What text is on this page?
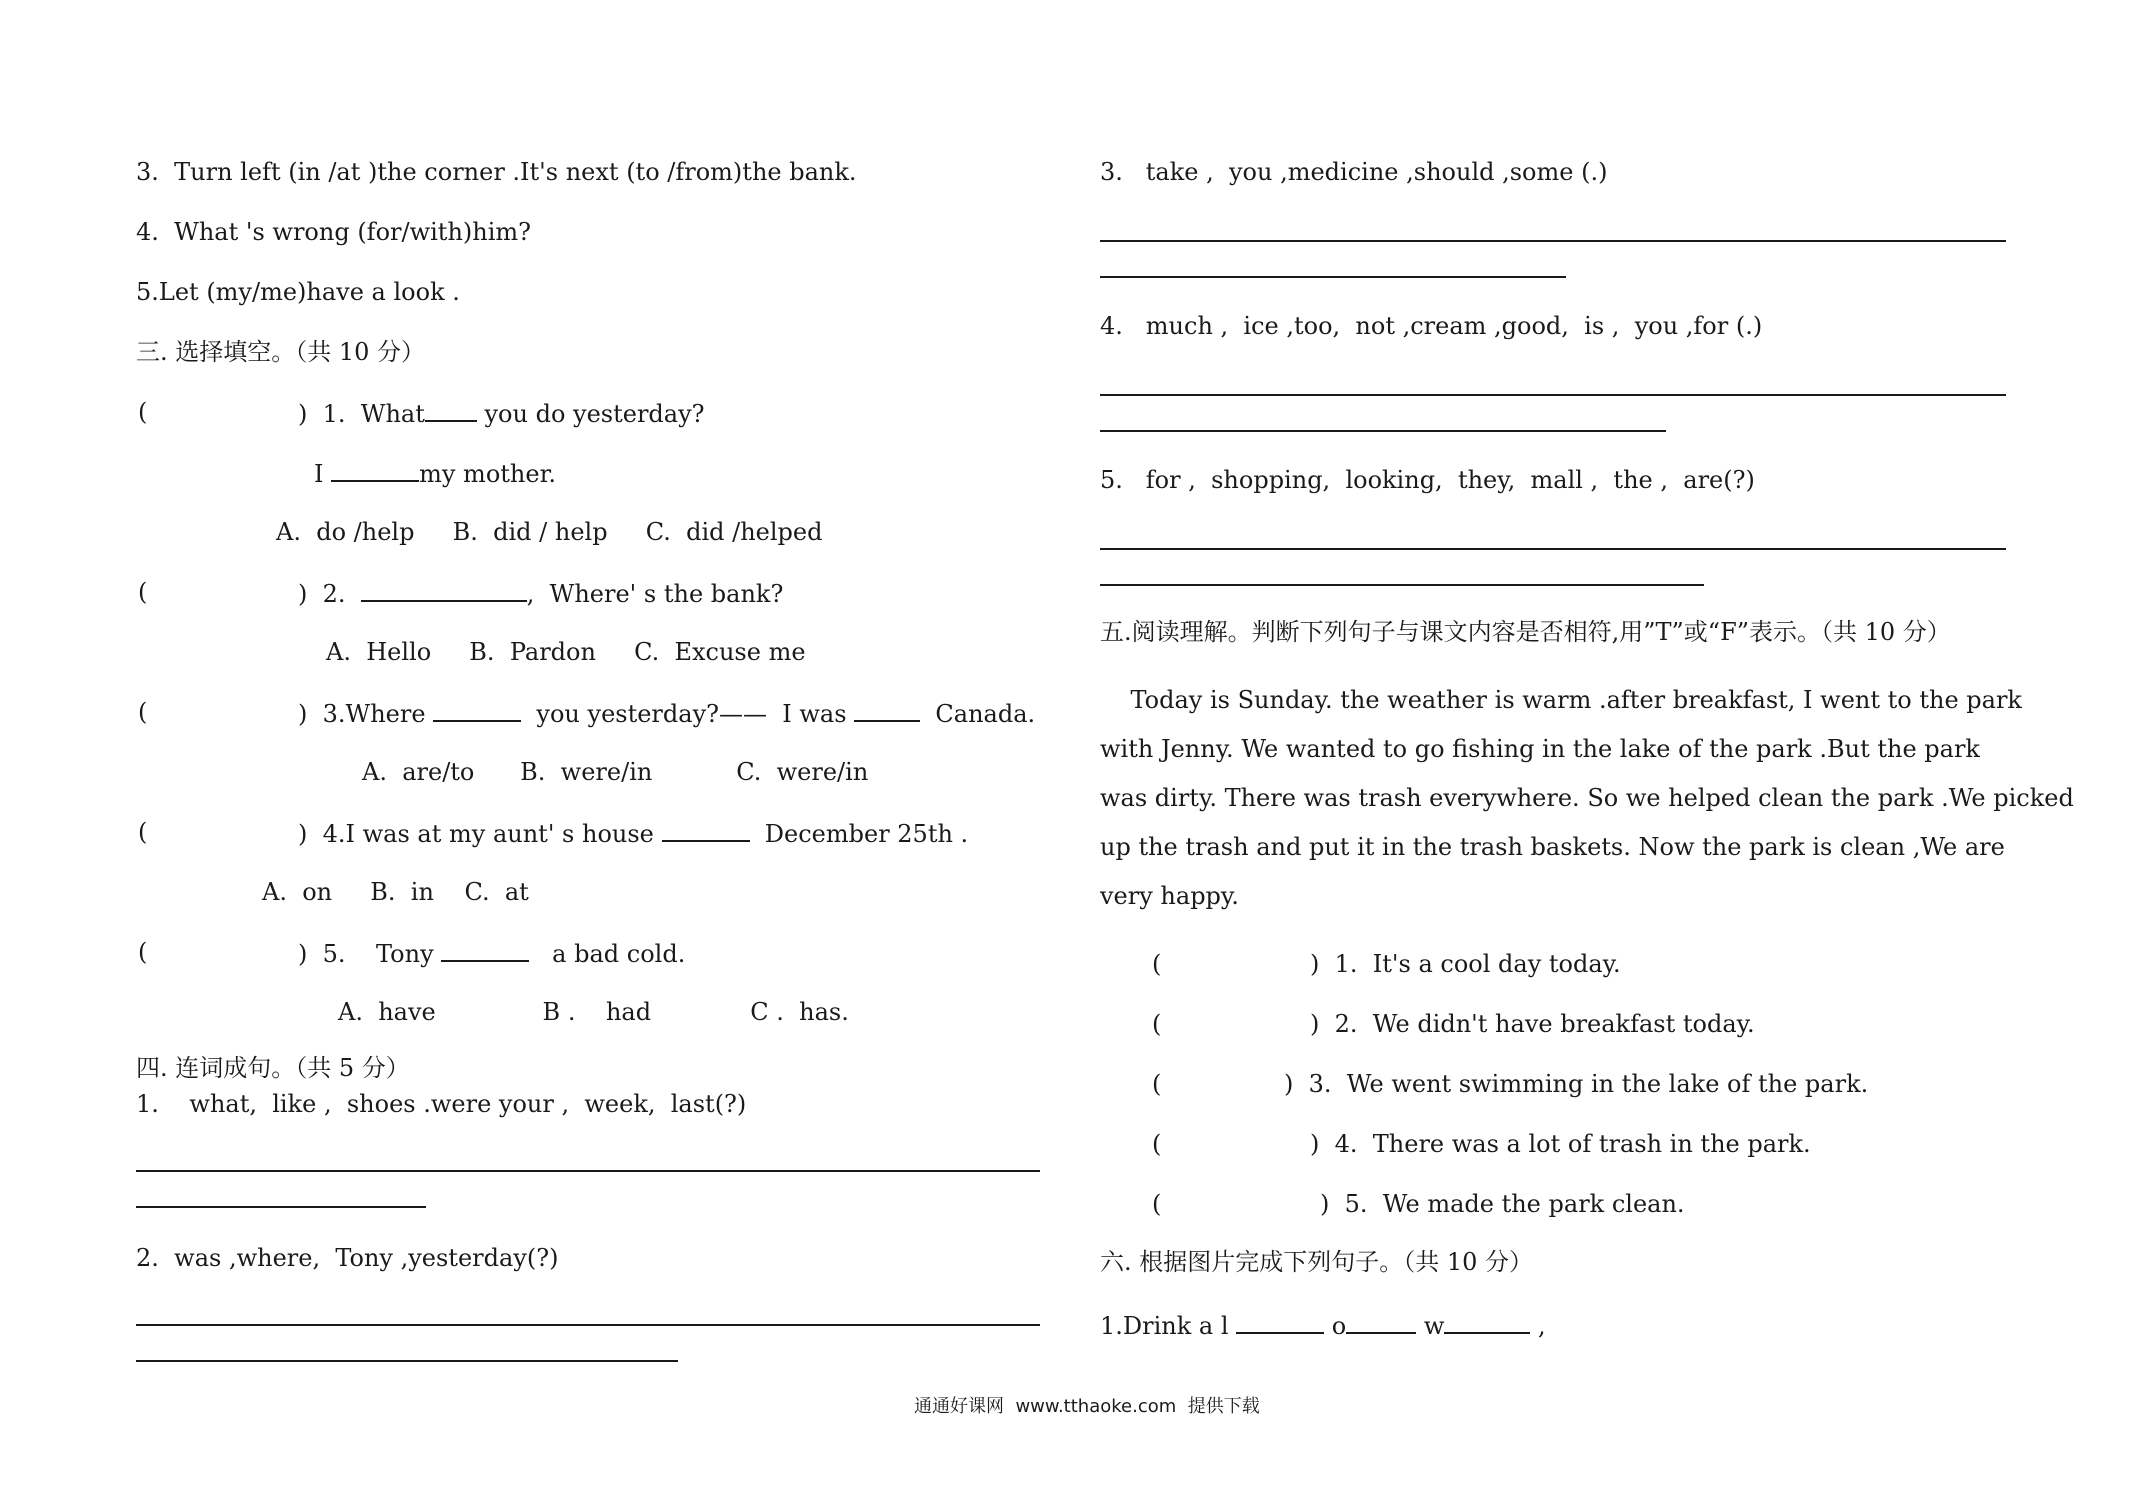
3.  Turn left (in /at )the corner .It's next (to /from)the bank.
4.  What 's wrong (for/with)him?
5.Let (my/me)have a look .
三. 选择填空。（共 10 分）
(	)  1.  What you do yesterday?
I	my mother.
A.  do /help     B.  did / help     C.  did /helped
(	)  2.	,  Where' s the bank?
A.  Hello     B.  Pardon     C.  Excuse me
(	)  3.Where	you yesterday?——  I was	Canada.
A.  are/to      B.  were/in           C.  were/in
(	)  4.I was at my aunt' s house	December 25th .
A.  on     B.  in    C.  at
(	)  5.    Tony	a bad cold.
A.  have              B .    had             C .  has.
四. 连词成句。（共 5 分）
1.    what,  like ,  shoes .were your ,  week,  last(?)
2.  was ,where,  Tony ,yesterday(?)
3.   take ,  you ,medicine ,should ,some (.)
4.   much ,  ice ,too,  not ,cream ,good,  is ,  you ,for (.)
5.   for ,  shopping,  looking,  they,  mall ,  the ,  are(?)
五.阅读理解。判断下列句子与课文内容是否相符,用”T”或“F”表示。（共 10 分）
Today is Sunday. the weather is warm .after breakfast, I went to the park
with Jenny. We wanted to go fishing in the lake of the park .But the park
was dirty. There was trash everywhere. So we helped clean the park .We picked
up the trash and put it in the trash baskets. Now the park is clean ,We are
very happy.
(	)  1.  It's a cool day today.
(	)  2.  We didn't have breakfast today.
(	)  3.  We went swimming in the lake of the park.
(	)  4.  There was a lot of trash in the park.
(	)  5.  We made the park clean.
六. 根据图片完成下列句子。（共 10 分）
1.Drink a l	o	w	,
通通好课网  www.tthaoke.com  提供下载
